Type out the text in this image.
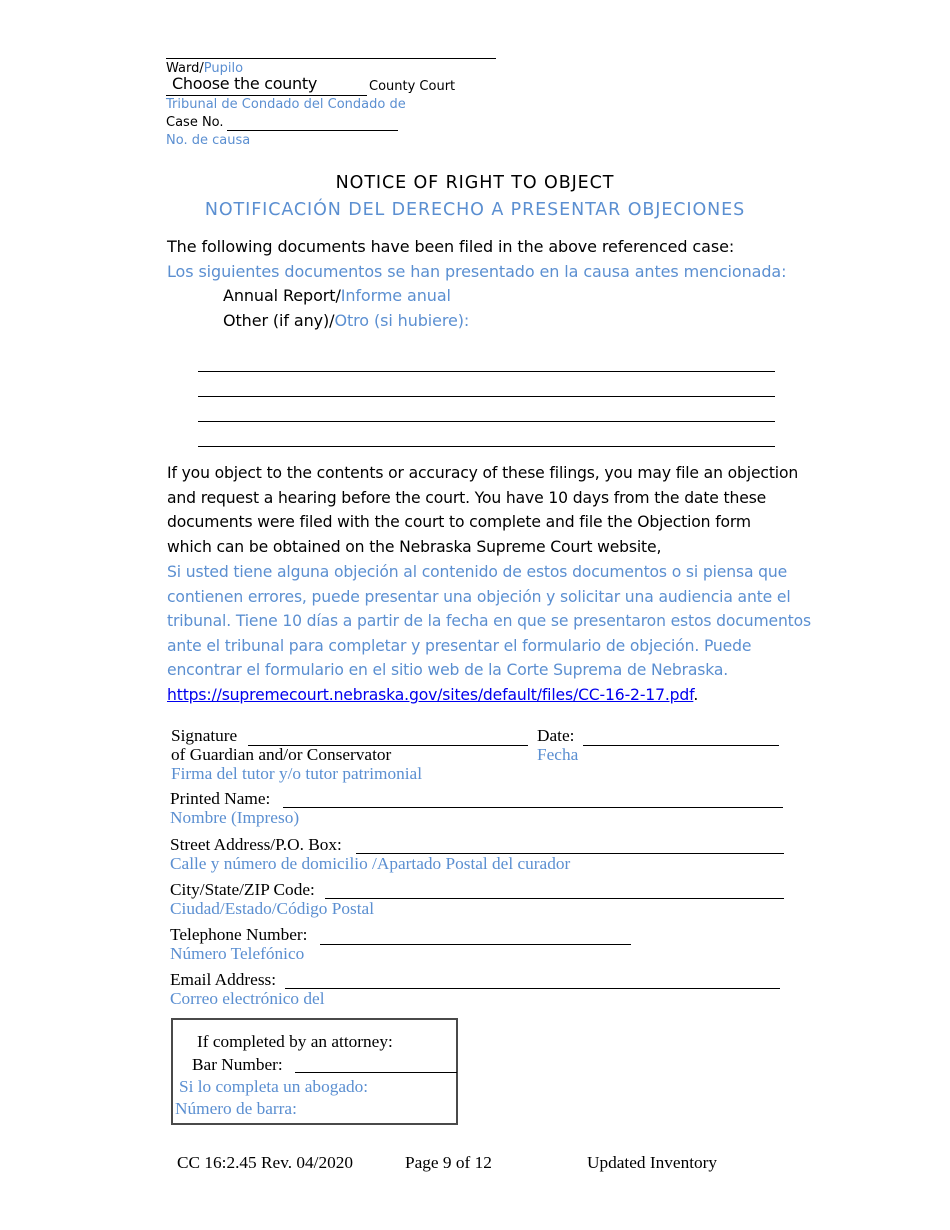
Ward/Pupilo
Choose the county	County Court
Tribunal de Condado del Condado de
Case No.
No. de causa
NOTICE OF RIGHT TO OBJECT
NOTIFICACIÓN DEL DERECHO A PRESENTAR OBJECIONES
The following documents have been filed in the above referenced case:
Los siguientes documentos se han presentado en la causa antes mencionada:
Annual Report/Informe anual
Other (if any)/Otro (si hubiere):
If you object to the contents or accuracy of these filings, you may file an objection
and request a hearing before the court. You have 10 days from the date these
documents were filed with the court to complete and file the Objection form
which can be obtained on the Nebraska Supreme Court website,
Si usted tiene alguna objeción al contenido de estos documentos o si piensa que
contienen errores, puede presentar una objeción y solicitar una audiencia ante el
tribunal. Tiene 10 días a partir de la fecha en que se presentaron estos documentos
ante el tribunal para completar y presentar el formulario de objeción. Puede
encontrar el formulario en el sitio web de la Corte Suprema de Nebraska.
https://supremecourt.nebraska.gov/sites/default/files/CC-16-2-17.pdf.
Signature
of Guardian and/or Conservator
Firma del tutor y/o tutor patrimonial
Date:
Fecha
Printed Name:
Nombre (Impreso)
Street Address/P.O. Box:
Calle y número de domicilio /Apartado Postal del curador
City/State/ZIP Code:
Ciudad/Estado/Código Postal
Telephone Number:
Número Telefónico
Email Address:
Correo electrónico del
If completed by an attorney:
Bar Number:
Si lo completa un abogado:
Número de barra:
CC 16:2.45 Rev. 04/2020	Page 9 of 12	Updated Inventory
